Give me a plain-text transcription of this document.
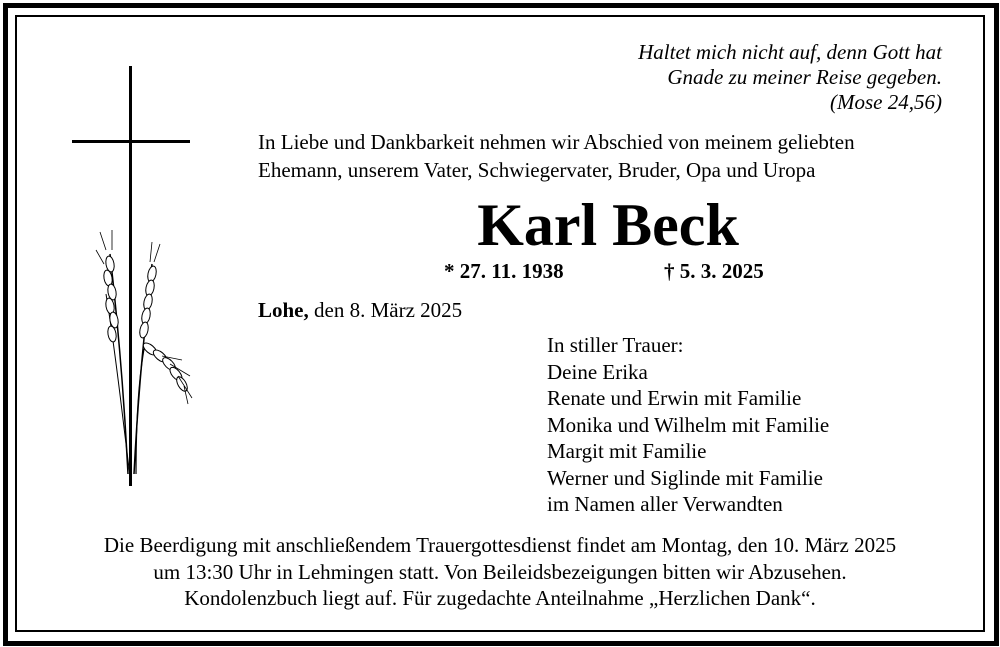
Haltet mich nicht auf, denn Gott hat
Gnade zu meiner Reise gegeben.
(Mose 24,56)
In Liebe und Dankbarkeit nehmen wir Abschied von meinem geliebten
Ehemann, unserem Vater, Schwiegervater, Bruder, Opa und Uropa
Karl Beck
* 27. 11. 1938	† 5. 3. 2025
Lohe, den 8. März 2025
In stiller Trauer:
Deine Erika
Renate und Erwin mit Familie
Monika und Wilhelm mit Familie
Margit mit Familie
Werner und Siglinde mit Familie
im Namen aller Verwandten
Die Beerdigung mit anschließendem Trauergottesdienst findet am Montag, den 10. März 2025
um 13:30 Uhr in Lehmingen statt. Von Beileidsbezeigungen bitten wir Abzusehen.
Kondolenzbuch liegt auf. Für zugedachte Anteilnahme „Herzlichen Dank“.
